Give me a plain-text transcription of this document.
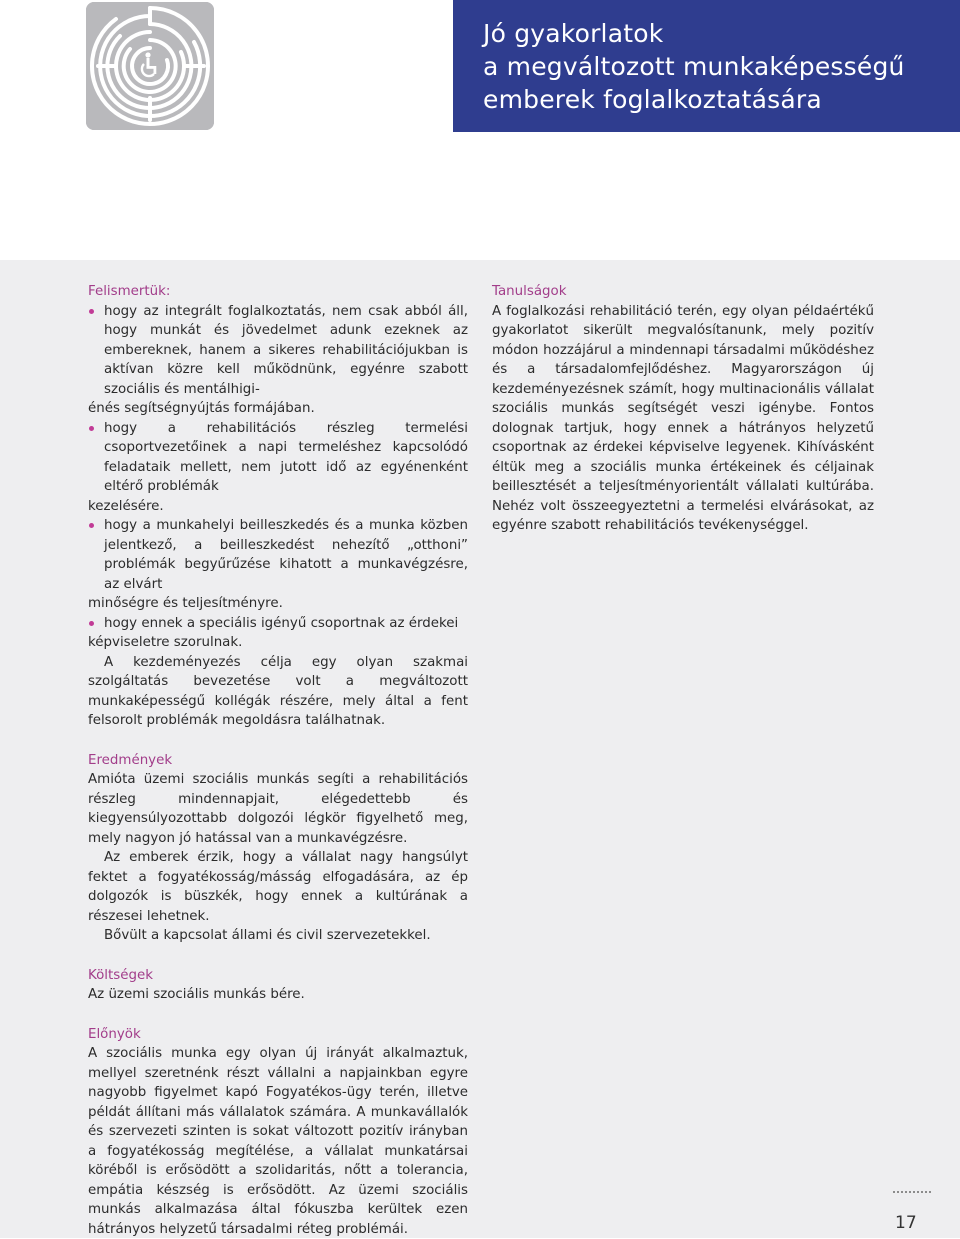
Jó gyakorlatok
a megváltozott munkaképességű
emberek foglalkoztatására

Felismertük:

hogy az integrált foglalkoztatás, nem csak abból áll, hogy munkát és jövedelmet adunk ezeknek az embereknek, hanem a sikeres rehabilitációjukban is aktívan közre kell működnünk, egyénre szabott szociális és mentálhigi-
énés segítségnyújtás formájában.
hogy a rehabilitációs részleg termelési csoportvezetőinek a napi termeléshez kapcsolódó feladataik mellett, nem jutott idő az egyénenként eltérő problémák
kezelésére.
hogy a munkahelyi beilleszkedés és a munka közben jelentkező, a beilleszkedést nehezítő „otthoni” problémák begyűrűzése kihatott a munkavégzésre, az elvárt
minőségre és teljesítményre.
hogy ennek a speciális igényű csoportnak az érdekei
képviseletre szorulnak.

A kezdeményezés célja egy olyan szakmai szolgáltatás bevezetése volt a megváltozott munkaképességű kollégák részére, mely által a fent felsorolt problémák megoldásra találhatnak.

Eredmények

Amióta üzemi szociális munkás segíti a rehabilitációs részleg mindennapjait, elégedettebb és kiegyensúlyozottabb dolgozói légkör figyelhető meg, mely nagyon jó hatással van a munkavégzésre.

Az emberek érzik, hogy a vállalat nagy hangsúlyt fektet a fogyatékosság/másság elfogadására, az ép dolgozók is büszkék, hogy ennek a kultúrának a részesei lehetnek.

Bővült a kapcsolat állami és civil szervezetekkel.

Költségek

Az üzemi szociális munkás bére.

Előnyök

A szociális munka egy olyan új irányát alkalmaztuk, mellyel szeretnénk részt vállalni a napjainkban egyre nagyobb figyelmet kapó Fogyatékos-ügy terén, illetve példát állítani más vállalatok számára. A munkavállalók és szervezeti szinten is sokat változott pozitív irányban a fogyatékosság megítélése, a vállalat munkatársai köréből is erősödött a szolidaritás, nőtt a tolerancia, empátia készség is erősödött. Az üzemi szociális munkás alkalmazása által fókuszba kerültek ezen hátrányos helyzetű társadalmi réteg problémái.

Tanulságok

A foglalkozási rehabilitáció terén, egy olyan példaértékű gyakorlatot sikerült megvalósítanunk, mely pozitív módon hozzájárul a mindennapi társadalmi működéshez és a társadalomfejlődéshez. Magyarországon új kezdeményezésnek számít, hogy multinacionális vállalat szociális munkás segítségét veszi igénybe. Fontos dolognak tartjuk, hogy ennek a hátrányos helyzetű csoportnak az érdekei képviselve legyenek. Kihívásként éltük meg a szociális munka értékeinek és céljainak beillesztését a teljesítményorientált vállalati kultúrába. Nehéz volt összeegyeztetni a termelési elvárásokat, az egyénre szabott rehabilitációs tevékenységgel.

17
